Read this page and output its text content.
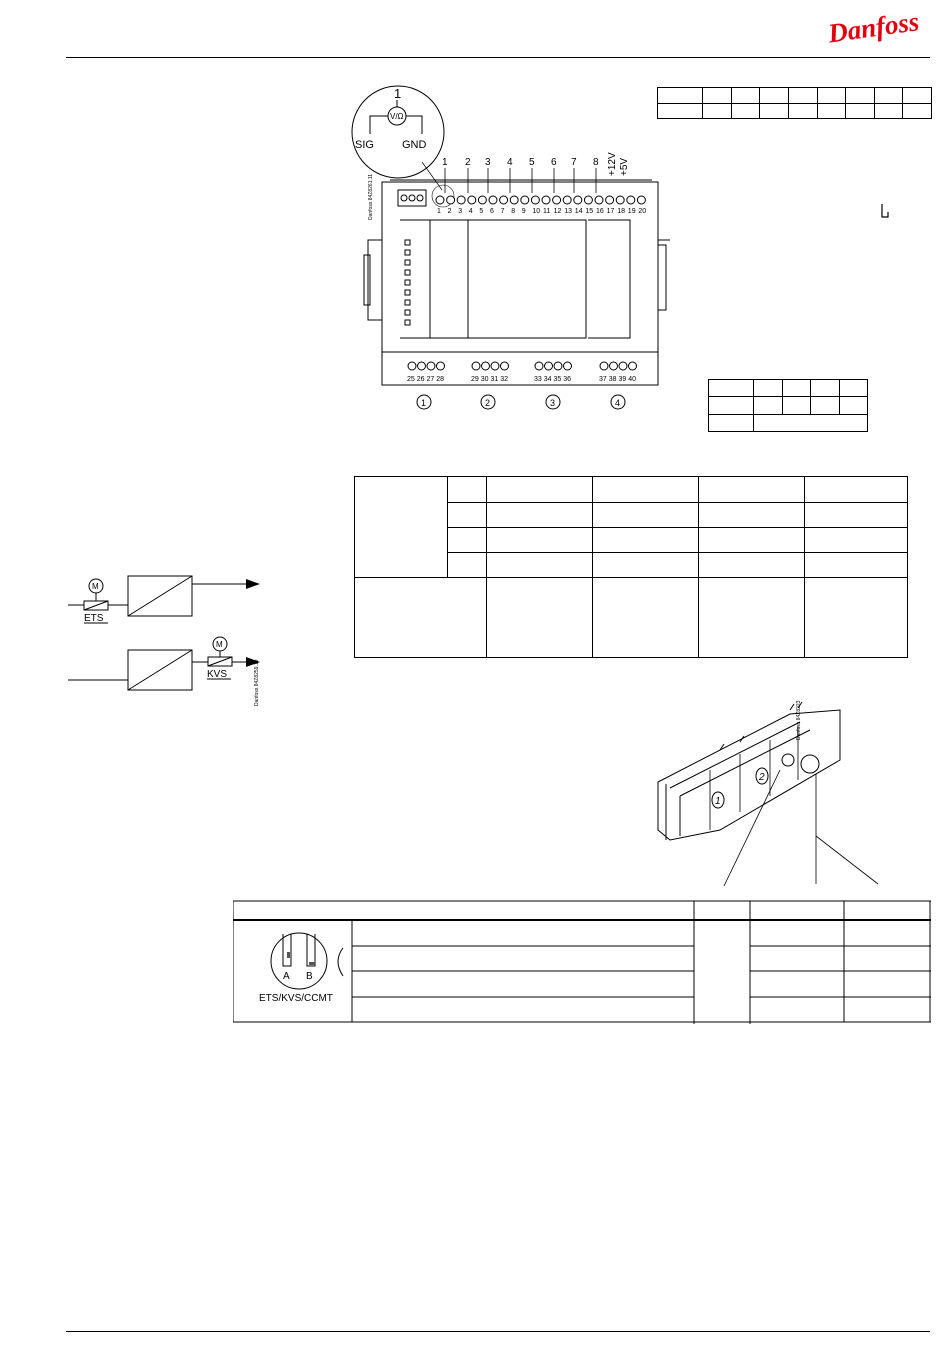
Danfoss

1
V/Ω
SIG	GND
Danfoss 84Z8261.11
1 2 3 4 5 6 7 8 +12V +5V
1 2 3 4 5 6 7 8 9 10 11 12 13 14 15 16 17 18 19 20
25 26 27 28	29 30 31 32	33 34 35 36	37 38 39 40
1	2	3	4

M
ETS
M
KVS	Danfoss 84Z8259.10
1
2
Danfoss 84Z8223.10
A B
ETS/KVS/CCMT
